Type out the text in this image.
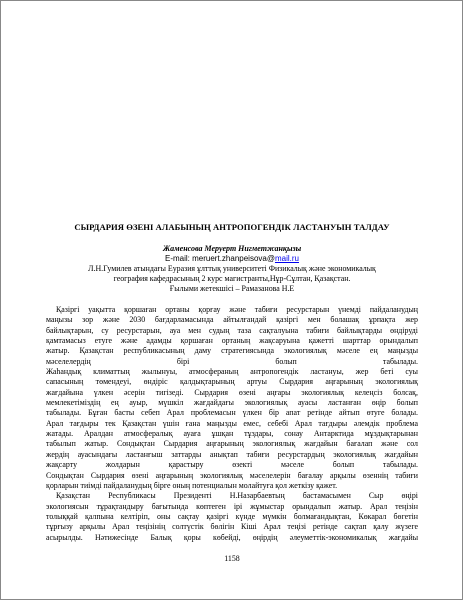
СЫРДАРИЯ ӨЗЕНІ АЛАБЫНЫҢ АНТРОПОГЕНДІК ЛАСТАНУЫН ТАЛДАУ
Жаменсова Меруерт Нигметжанқызы
E-mail: meruert.zhanpeisova@mail.ru
Л.Н.Гумилев атындағы Еуразия ұлттық университеті Физикалық және экономикалық
география кафедрасының 2 курс магистранты,Нұр-Сұлтан, Қазақстан.
Ғылыми жетекшісі – Рамазанова Н.Е
Қазіргі уақытта қоршаған ортаны қорғау және табиғи ресурстарын үнемді пайдаланудың
маңызы зор және 2030 бағдарламасында айтылғандай қазіргі мен болашақ ұрпақта жер
байлықтарын, су ресурстарын, ауа мен судың таза сақталуына табиғи байлықтарды өндіруді
қамтамасыз етуге және адамды қоршаған ортаның жақсаруына қажетті шарттар орындалып
жатыр. Қазақстан республикасының даму стратегиясында экологиялық мәселе ең маңызды
мәселелердің бірі болып табылады.
Жаһандық климаттың жылынуы, атмосфераның антропогендік ластануы, жер беті суы
сапасының төмендеуі, өндіріс қалдықтарының артуы Сырдария аңғарының экологиялық
жағдайына үлкен әсерін тигізеді. Сырдария өзені аңғары экологиялық келеңсіз болсақ,
мемлекетіміздің ең ауыр, мүшкіл жағдайдағы экологиялық ауасы ластанған өңір болып
табылады. Бұған басты себеп Арал проблемасын үлкен бір апат ретінде айтып өтуге болады.
Арал тағдыры тек Қазақстан үшін ғана маңызды емес, себебі Арал тағдыры әлемдік проблема
жатады. Аралдан атмосфералық ауаға ұшқан тұздары, сонау Антарктида мұздықтарынан
табылып жатыр. Сондықтан Сырдария аңғарының экологиялық жағдайын бағалап және сол
жердің ауасындағы ластанғыш заттарды анықтап табиғи ресурстардың экологиялық жағдайын
жақсарту жолдарын қарастыру өзекті мәселе болып табылады.
Сондықтан Сырдария өзені аңғарының экологиялық мәселелерін бағалау арқылы өзеннің табиғи
қорларын тиімді пайдаланудың бірге оның потенциалын молайтуға қол жеткізу қажет.
Қазақстан Республикасы Президенті Н.Назарбаевтың бастамасымен Сыр өңірі
экологиясын тұрақтандыру бағытында көптеген ірі жұмыстар орындалып жатыр. Арал теңізін
толыққай қалпына келтіріп, оны сақтау қазіргі күнде мүмкін болмағандықтан, Көкарал бөгетін
тұрғызу арқылы Арал теңізінің солтүстік бөлігін Кіші Арал теңізі ретінде сақтап қалу жүзеге
асырылды. Нәтижесінде Балық қоры көбейді, өңірдің әлеуметтік-экономикалық жағдайы
1158
